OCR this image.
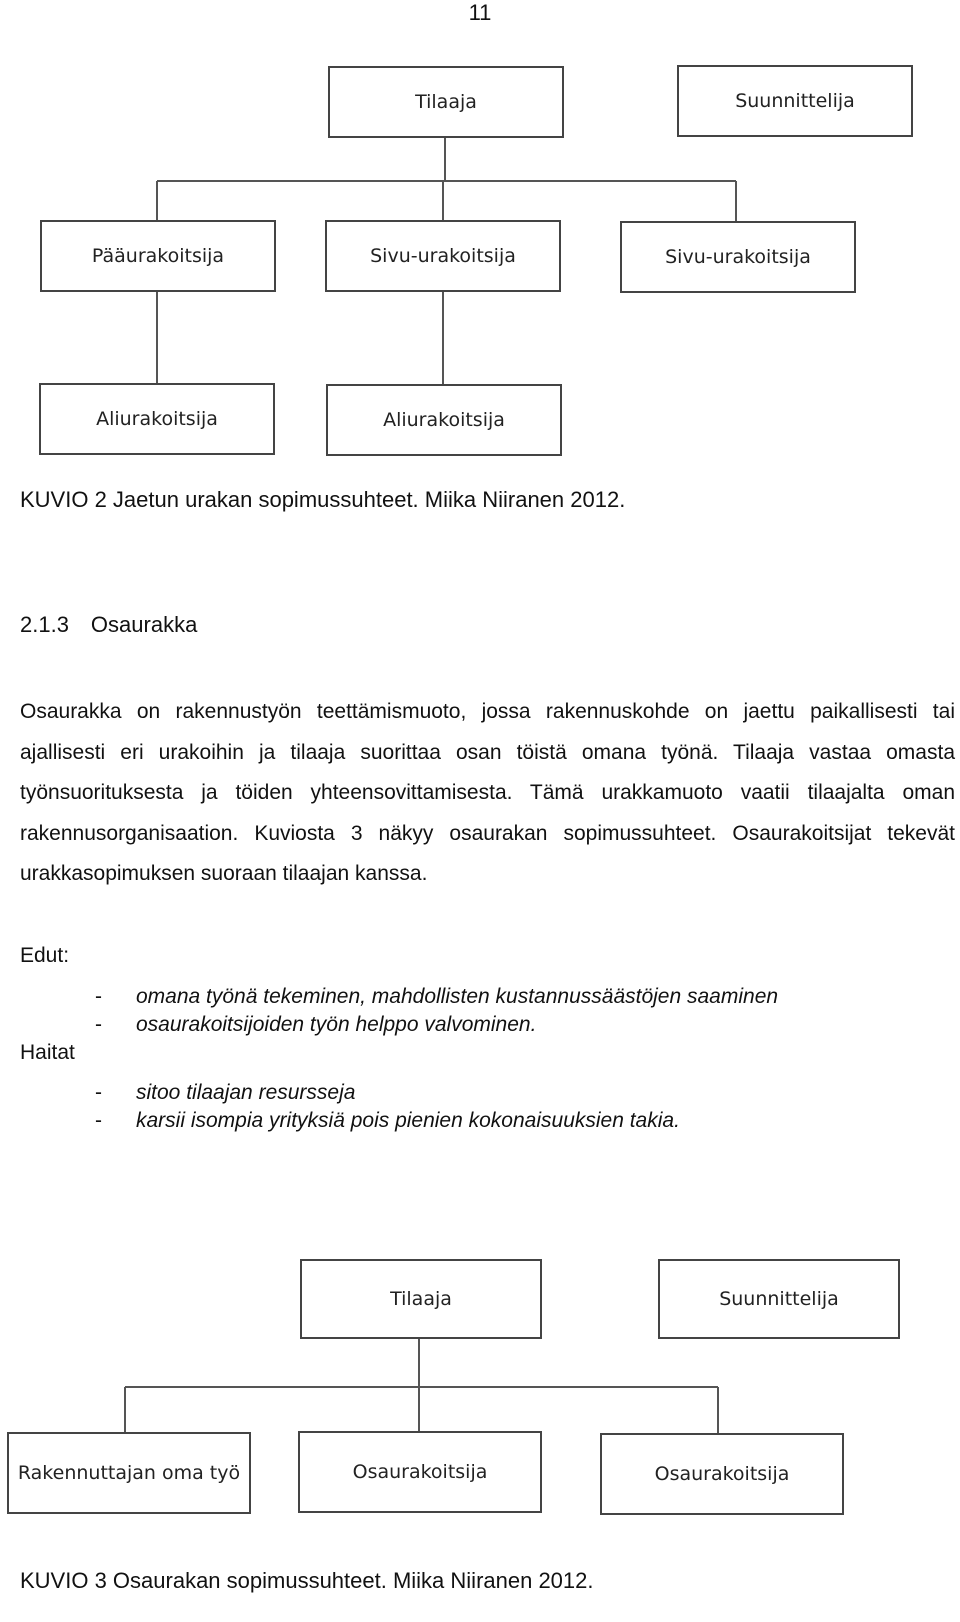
11
Tilaaja	Suunnittelija
Pääurakoitsija	Sivu-urakoitsija	Sivu-urakoitsija
Aliurakoitsija	Aliurakoitsija
KUVIO 2 Jaetun urakan sopimussuhteet. Miika Niiranen 2012.
2.1.3 Osaurakka
Osaurakka on rakennustyön teettämismuoto, jossa rakennuskohde on jaettu paikallisesti tai ajallisesti eri urakoihin ja tilaaja suorittaa osan töistä omana työnä. Tilaaja vastaa omasta työnsuorituksesta ja töiden yhteensovittamisesta. Tämä urakkamuoto vaatii tilaajalta oman rakennusorganisaation. Kuviosta 3 näkyy osaurakan sopimussuhteet. Osaurakoitsijat tekevät urakkasopimuksen suoraan tilaajan kanssa.
Edut:
- omana työnä tekeminen, mahdollisten kustannussäästöjen saaminen
- osaurakoitsijoiden työn helppo valvominen.
Haitat
- sitoo tilaajan resursseja
- karsii isompia yrityksiä pois pienien kokonaisuuksien takia.
Tilaaja	Suunnittelija
Rakennuttajan oma työ	Osaurakoitsija	Osaurakoitsija
KUVIO 3 Osaurakan sopimussuhteet. Miika Niiranen 2012.
